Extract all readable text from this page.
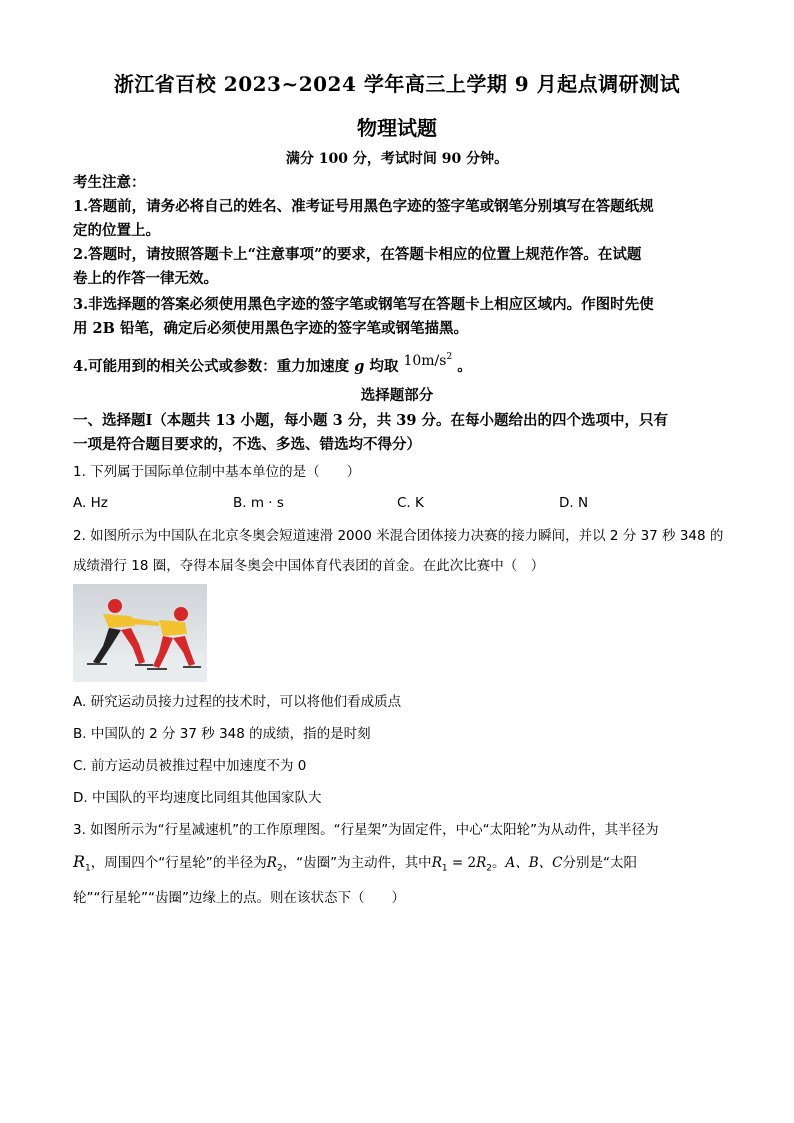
浙江省百校 2023~2024 学年高三上学期 9 月起点调研测试
物理试题
满分 100 分，考试时间 90 分钟。
考生注意：
1.答题前，请务必将自己的姓名、准考证号用黑色字迹的签字笔或钢笔分别填写在答题纸规
定的位置上。
2.答题时，请按照答题卡上“注意事项”的要求，在答题卡相应的位置上规范作答。在试题
卷上的作答一律无效。
3.非选择题的答案必须使用黑色字迹的签字笔或钢笔写在答题卡上相应区域内。作图时先使
用 2B 铅笔，确定后必须使用黑色字迹的签字笔或钢笔描黑。
4.可能用到的相关公式或参数：重力加速度 g 均取 $10m/s^2$ 。
选择题部分
一、选择题Ⅰ（本题共 13 小题，每小题 3 分，共 39 分。在每小题给出的四个选项中，只有
一项是符合题目要求的，不选、多选、错选均不得分）
1. 下列属于国际单位制中基本单位的是（　　）
A. Hz	B. m · s	C. K	D. N
2. 如图所示为中国队在北京冬奥会短道速滑 2000 米混合团体接力决赛的接力瞬间，并以 2 分 37 秒 348 的
成绩滑行 18 圈，夺得本届冬奥会中国体育代表团的首金。在此次比赛中（　）
A. 研究运动员接力过程的技术时，可以将他们看成质点
B. 中国队的 2 分 37 秒 348 的成绩，指的是时刻
C. 前方运动员被推过程中加速度不为 0
D. 中国队的平均速度比同组其他国家队大
3. 如图所示为“行星减速机”的工作原理图。“行星架”为固定件，中心“太阳轮”为从动件，其半径为
$R_1$，周围四个“行星轮”的半径为$R_2$，“齿圈”为主动件，其中$R_1 = 2R_2$。A、B、C分别是“太阳
轮”“行星轮”“齿圈”边缘上的点。则在该状态下（　　）
